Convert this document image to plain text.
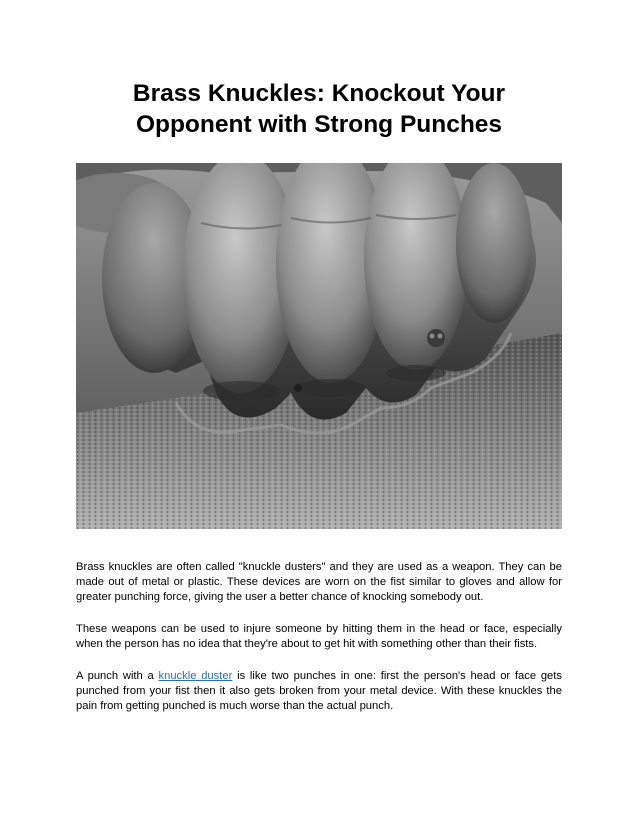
Brass Knuckles: Knockout Your Opponent with Strong Punches

Brass knuckles are often called "knuckle dusters" and they are used as a weapon. They can be made out of metal or plastic. These devices are worn on the fist similar to gloves and allow for greater punching force, giving the user a better chance of knocking somebody out.

These weapons can be used to injure someone by hitting them in the head or face, especially when the person has no idea that they're about to get hit with something other than their fists.

A punch with a knuckle duster is like two punches in one: first the person's head or face gets punched from your fist then it also gets broken from your metal device. With these knuckles the pain from getting punched is much worse than the actual punch.
